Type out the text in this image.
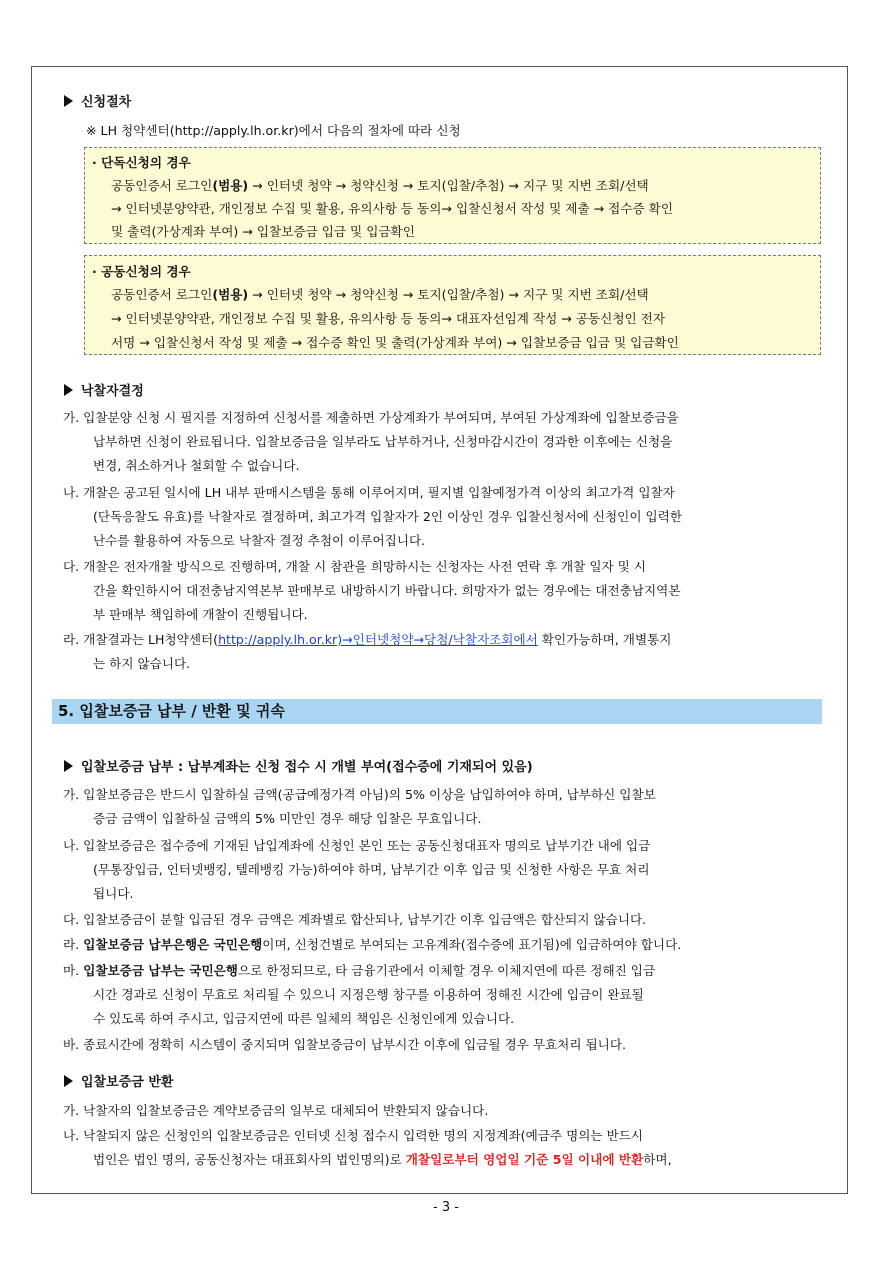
신청절차
※ LH 청약센터(http://apply.lh.or.kr)에서 다음의 절차에 따라 신청
· 단독신청의 경우
공동인증서 로그인(범용) → 인터넷 청약 → 청약신청 → 토지(입찰/추첨) → 지구 및 지번 조회/선택
→ 인터넷분양약관, 개인정보 수집 및 활용, 유의사항 등 동의→ 입찰신청서 작성 및 제출 → 접수증 확인
및 출력(가상계좌 부여) → 입찰보증금 입금 및 입금확인
· 공동신청의 경우
공동인증서 로그인(범용) → 인터넷 청약 → 청약신청 → 토지(입찰/추첨) → 지구 및 지번 조회/선택
→ 인터넷분양약관, 개인정보 수집 및 활용, 유의사항 등 동의→ 대표자선임계 작성 → 공동신청인 전자
서명 → 입찰신청서 작성 및 제출 → 접수증 확인 및 출력(가상계좌 부여) → 입찰보증금 입금 및 입금확인
낙찰자결정
가. 입찰분양 신청 시 필지를 지정하여 신청서를 제출하면 가상계좌가 부여되며, 부여된 가상계좌에 입찰보증금을
납부하면 신청이 완료됩니다. 입찰보증금을 일부라도 납부하거나, 신청마감시간이 경과한 이후에는 신청을
변경, 취소하거나 철회할 수 없습니다.
나. 개찰은 공고된 일시에 LH 내부 판매시스템을 통해 이루어지며, 필지별 입찰예정가격 이상의 최고가격 입찰자
(단독응찰도 유효)를 낙찰자로 결정하며, 최고가격 입찰자가 2인 이상인 경우 입찰신청서에 신청인이 입력한
난수를 활용하여 자동으로 낙찰자 결정 추첨이 이루어집니다.
다. 개찰은 전자개찰 방식으로 진행하며, 개찰 시 참관을 희망하시는 신청자는 사전 연락 후 개찰 일자 및 시
간을 확인하시어 대전충남지역본부 판매부로 내방하시기 바랍니다. 희망자가 없는 경우에는 대전충남지역본
부 판매부 책임하에 개찰이 진행됩니다.
라. 개찰결과는 LH청약센터(http://apply.lh.or.kr)→인터넷청약→당첨/낙찰자조회에서 확인가능하며, 개별통지
는 하지 않습니다.
5. 입찰보증금 납부 / 반환 및 귀속
입찰보증금 납부 : 납부계좌는 신청 접수 시 개별 부여(접수증에 기재되어 있음)
가. 입찰보증금은 반드시 입찰하실 금액(공급예정가격 아님)의 5% 이상을 납입하여야 하며, 납부하신 입찰보
증금 금액이 입찰하실 금액의 5% 미만인 경우 해당 입찰은 무효입니다.
나. 입찰보증금은 접수증에 기재된 납입계좌에 신청인 본인 또는 공동신청대표자 명의로 납부기간 내에 입금
(무통장입금, 인터넷뱅킹, 텔레뱅킹 가능)하여야 하며, 납부기간 이후 입금 및 신청한 사항은 무효 처리
됩니다.
다. 입찰보증금이 분할 입금된 경우 금액은 계좌별로 합산되나, 납부기간 이후 입금액은 합산되지 않습니다.
라. 입찰보증금 납부은행은 국민은행이며, 신청건별로 부여되는 고유계좌(접수증에 표기됨)에 입금하여야 합니다.
마. 입찰보증금 납부는 국민은행으로 한정되므로, 타 금융기관에서 이체할 경우 이체지연에 따른 정해진 입금
시간 경과로 신청이 무효로 처리될 수 있으니 지정은행 창구를 이용하여 정해진 시간에 입금이 완료될
수 있도록 하여 주시고, 입금지연에 따른 일체의 책임은 신청인에게 있습니다.
바. 종료시간에 정확히 시스템이 중지되며 입찰보증금이 납부시간 이후에 입금될 경우 무효처리 됩니다.
입찰보증금 반환
가. 낙찰자의 입찰보증금은 계약보증금의 일부로 대체되어 반환되지 않습니다.
나. 낙찰되지 않은 신청인의 입찰보증금은 인터넷 신청 접수시 입력한 명의 지정계좌(예금주 명의는 반드시
법인은 법인 명의, 공동신청자는 대표회사의 법인명의)로 개찰일로부터 영업일 기준 5일 이내에 반환하며,
- 3 -
